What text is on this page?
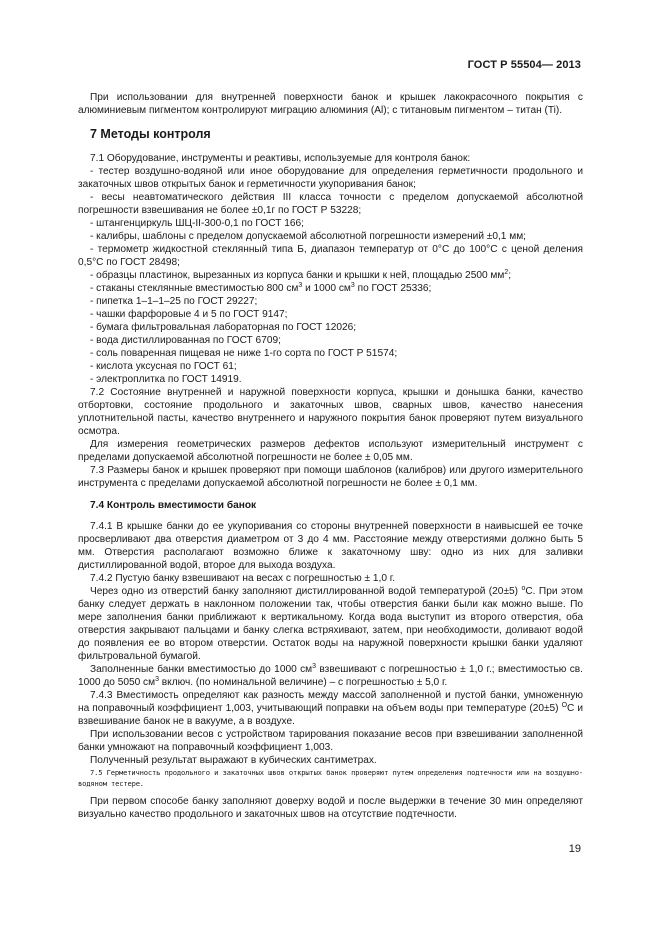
ГОСТ Р 55504— 2013

При использовании для внутренней поверхности банок и крышек лакокрасочного покрытия с алюминиевым пигментом контролируют миграцию алюминия (Al); с титановым пигментом – титан (Ti).

7 Методы контроля

7.1 Оборудование, инструменты и реактивы, используемые для контроля банок:

- тестер воздушно-водяной или иное оборудование для определения герметичности продольного и закаточных швов открытых банок и герметичности укупоривания банок;

- весы неавтоматического действия III класса точности с пределом допускаемой абсолютной погрешности взвешивания не более ±0,1г по ГОСТ Р 53228;

- штангенциркуль ШЦ-II-300-0,1 по ГОСТ 166;

- калибры, шаблоны с пределом допускаемой абсолютной погрешности измерений ±0,1 мм;

- термометр жидкостной стеклянный типа Б, диапазон температур от 0°С до 100°С с ценой деления 0,5°С по ГОСТ 28498;

- образцы пластинок, вырезанных из корпуса банки и крышки к ней, площадью 2500 $мм^2$;

- стаканы стеклянные вместимостью 800 $см^3$ и 1000 $см^3$ по ГОСТ 25336;

- пипетка 1–1–1–25 по ГОСТ 29227;

- чашки фарфоровые 4 и 5 по ГОСТ 9147;

- бумага фильтровальная лабораторная по ГОСТ 12026;

- вода дистиллированная по ГОСТ 6709;

- соль поваренная пищевая не ниже 1-го сорта по ГОСТ Р 51574;

- кислота уксусная по ГОСТ 61;

- электроплитка по ГОСТ 14919.

7.2 Состояние внутренней и наружной поверхности корпуса, крышки и донышка банки, качество отбортовки, состояние продольного и закаточных швов, сварных швов, качество нанесения уплотнительной пасты, качество внутреннего и наружного покрытия банок проверяют путем визуального осмотра.

Для измерения геометрических размеров дефектов используют измерительный инструмент с пределами допускаемой абсолютной погрешности не более ± 0,05 мм.

7.3 Размеры банок и крышек проверяют при помощи шаблонов (калибров) или другого измерительного инструмента с пределами допускаемой абсолютной погрешности не более ± 0,1 мм.

7.4 Контроль вместимости банок

7.4.1 В крышке банки до ее укупоривания со стороны внутренней поверхности в наивысшей ее точке просверливают два отверстия диаметром от 3 до 4 мм. Расстояние между отверстиями должно быть 5 мм. Отверстия располагают возможно ближе к закаточному шву: одно из них для заливки дистиллированной водой, второе для выхода воздуха.

7.4.2 Пустую банку взвешивают на весах с погрешностью ± 1,0 г.

Через одно из отверстий банку заполняют дистиллированной водой температурой (20±5) $^о$С. При этом банку следует держать в наклонном положении так, чтобы отверстия банки были как можно выше. По мере заполнения банки приближают к вертикальному. Когда вода выступит из второго отверстия, оба отверстия закрывают пальцами и банку слегка встряхивают, затем, при необходимости, доливают водой до появления ее во втором отверстии. Остаток воды на наружной поверхности крышки банки удаляют фильтровальной бумагой.

Заполненные банки вместимостью до 1000 $см^3$ взвешивают с погрешностью ± 1,0 г.; вместимостью св. 1000 до 5050 $см^3$ включ. (по номинальной величине) – с погрешностью ± 5,0 г.

7.4.3 Вместимость определяют как разность между массой заполненной и пустой банки, умноженную на поправочный коэффициент 1,003, учитывающий поправки на объем воды при температуре (20±5) $^О$С и взвешивание банок не в вакууме, а в воздухе.

При использовании весов с устройством тарирования показание весов при взвешивании заполненной банки умножают на поправочный коэффициент 1,003.

Полученный результат выражают в кубических сантиметрах.

7.5 Герметичность продольного и закаточных швов открытых банок проверяют путем определения подтечности или на воздушно-водяном тестере.

При первом способе банку заполняют доверху водой и после выдержки в течение 30 мин определяют визуально качество продольного и закаточных швов на отсутствие подтечности.

19
